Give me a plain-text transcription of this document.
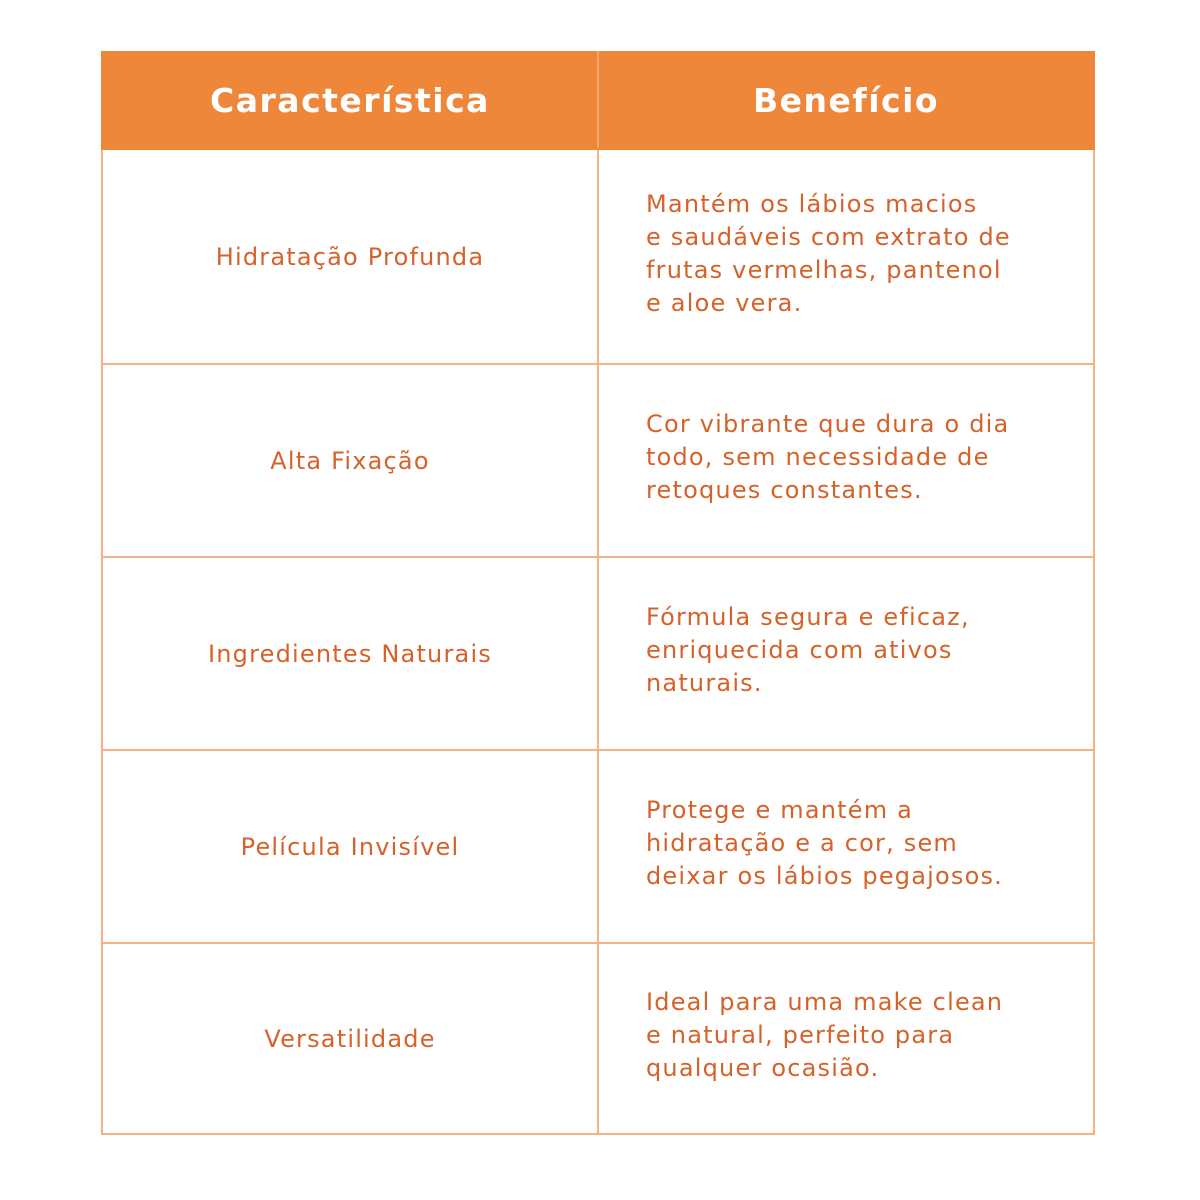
Característica	Benefício
Hidratação Profunda	Mantém os lábios macios
e saudáveis com extrato de
frutas vermelhas, pantenol
e aloe vera.

Alta Fixação	Cor vibrante que dura o dia
todo, sem necessidade de
retoques constantes.

Ingredientes Naturais	Fórmula segura e eficaz,
enriquecida com ativos
naturais.

Película Invisível	Protege e mantém a
hidratação e a cor, sem
deixar os lábios pegajosos.

Versatilidade	Ideal para uma make clean
e natural, perfeito para
qualquer ocasião.
